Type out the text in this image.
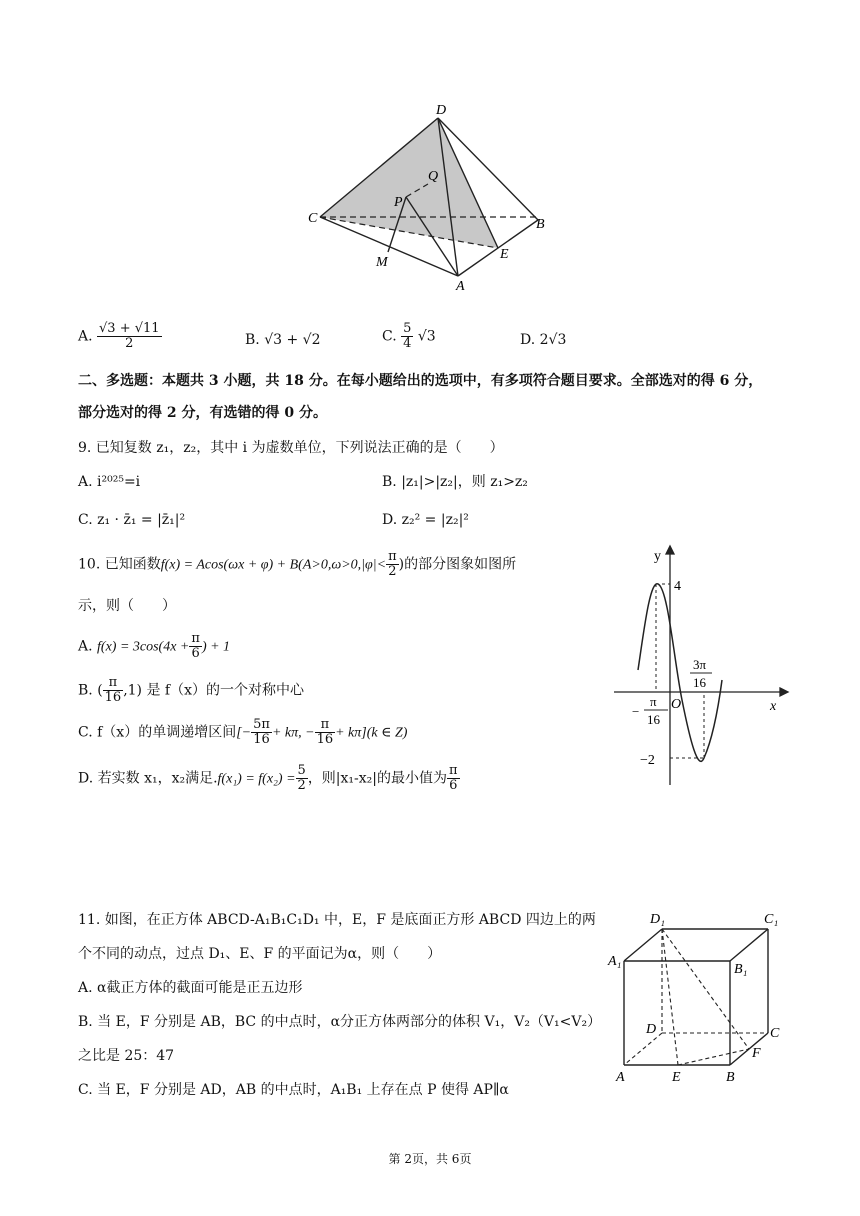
D
Q
P
C	B
E
M
A
A. $\frac{√3 + √11}{2}$	B. √3 + √2	C. $\frac{5}{4} √3$	D. 2√3
二、多选题：本题共 3 小题，共 18 分。在每小题给出的选项中，有多项符合题目要求。全部选对的得 6 分，
部分选对的得 2 分，有选错的得 0 分。
9. 已知复数 z₁，z₂，其中 i 为虚数单位，下列说法正确的是（　　）
A. i²⁰²⁵=i	B. |z₁|>|z₂|，则 z₁>z₂
C. z₁ · z̄₁ = |z̄₁|²	D. z₂² = |z₂|²
10. 已知函数$f(x) = Acos(\omega x + \varphi) + B(A>0,\omega>0,|\varphi|< \frac{\pi}{2}$ )的部分图象如图所
示，则（　　）
A. $f(x) = 3\cos(4x + \frac{\pi}{6}$ ) + 1
B. ( $\frac{\pi}{16} ,1$) 是 f（x）的一个对称中心
C. f（x）的单调递增区间[− $\frac{5\pi}{16} + k\pi$, − $\frac{\pi}{16} + k\pi](k$ ∈ Z)
D. 若实数 x₁，x₂满足$.f(x_1) = f(x_2) = \frac{5}{2}$ ，则|x₁-x₂|的最小值为 $\frac{\pi}{6}$
y
x
O
4
−2
−
π
16
3π
16
11. 如图，在正方体 ABCD-A₁B₁C₁D₁ 中，E，F 是底面正方形 ABCD 四边上的两
个不同的动点，过点 D₁、E、F 的平面记为α，则（　　）
A. α截正方体的截面可能是正五边形
B. 当 E，F 分别是 AB，BC 的中点时，α分正方体两部分的体积 V₁，V₂（V₁<V₂）
之比是 25：47
C. 当 E，F 分别是 AD，AB 的中点时，A₁B₁ 上存在点 P 使得 AP∥α
D₁	C₁
A₁
B₁
D	C
F
A	E	B
第 2页，共 6页
